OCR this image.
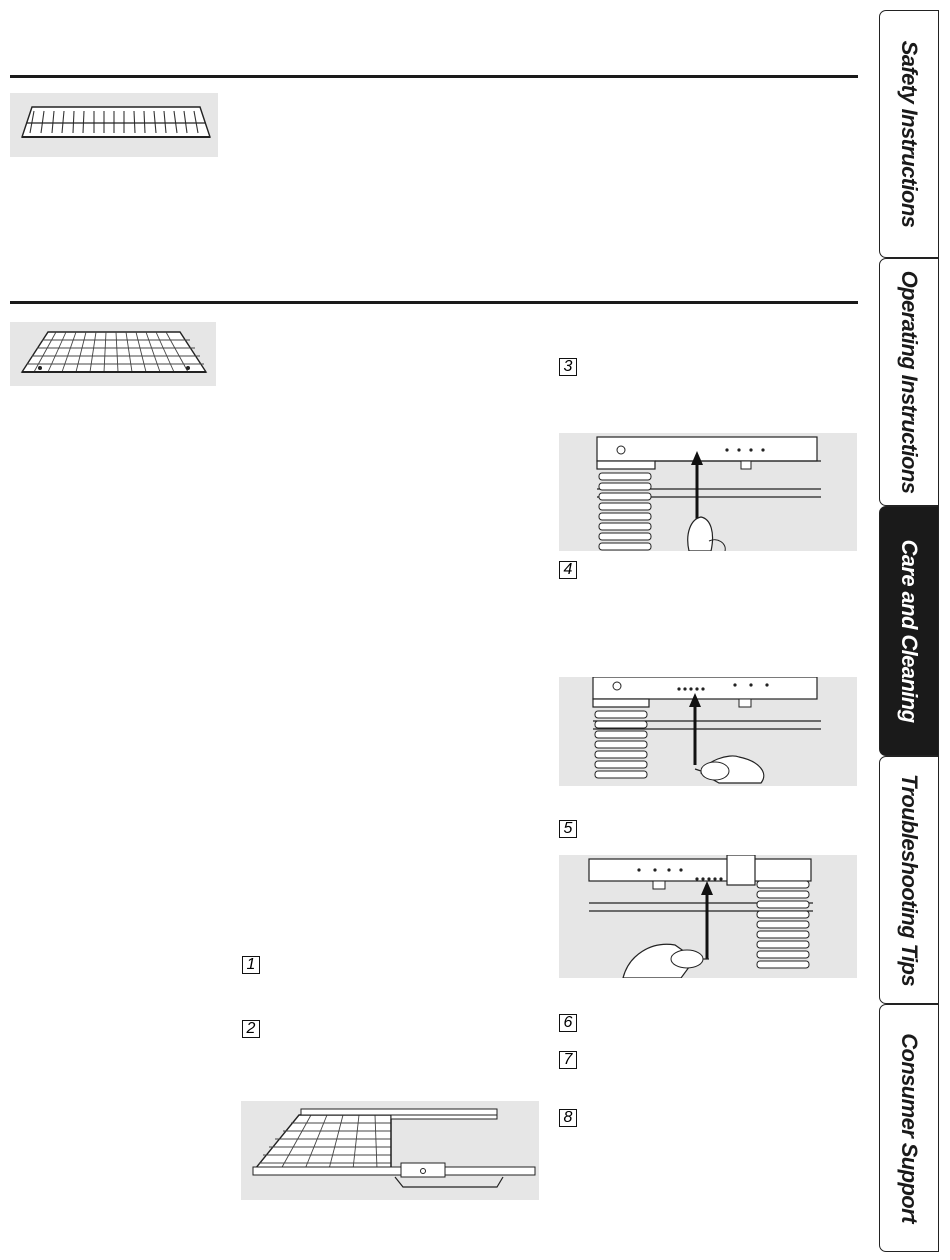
3
4
5
1
2	6
7
8
Safety Instructions
Operating Instructions
Care and Cleaning
Troubleshooting Tips
Consumer Support
